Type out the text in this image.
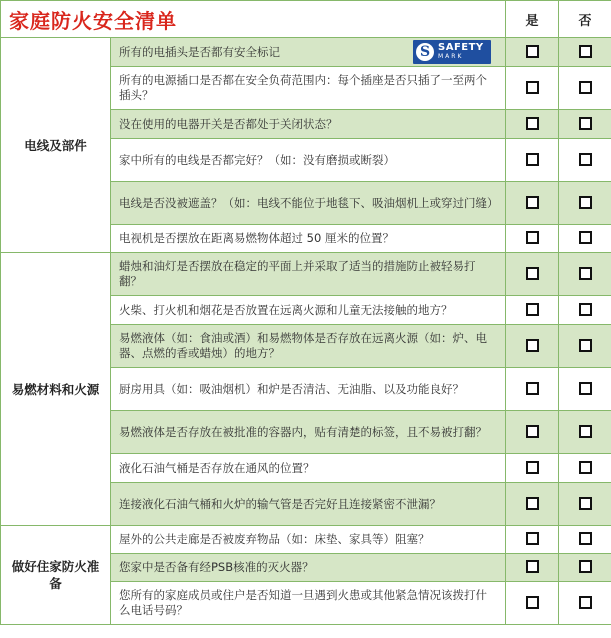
家庭防火安全清单		是	否
电线及部件	所有的电插头是否都有安全标记 S SAFETY
MARK		

	所有的电源插口是否都在安全负荷范围内：每个插座是否只插了一至两个插头？		
	没在使用的电器开关是否都处于关闭状态？		
	家中所有的电线是否都完好？（如：没有磨损或断裂）		
	电线是否没被遮盖？（如：电线不能位于地毯下、吸油烟机上或穿过门缝）		
	电视机是否摆放在距离易燃物体超过 50 厘米的位置？		
易燃材料和火源	蜡烛和油灯是否摆放在稳定的平面上并采取了适当的措施防止被轻易打翻？		
	火柴、打火机和烟花是否放置在远离火源和儿童无法接触的地方？		
	易燃液体（如：食油或酒）和易燃物体是否存放在远离火源（如：炉、电器、点燃的香或蜡烛）的地方？		
	厨房用具（如：吸油烟机）和炉是否清洁、无油脂、以及功能良好？		
	易燃液体是否存放在被批准的容器内，贴有清楚的标签，且不易被打翻？		
	液化石油气桶是否存放在通风的位置？		
	连接液化石油气桶和火炉的输气管是否完好且连接紧密不泄漏？		
做好住家防火准备	屋外的公共走廊是否被废弃物品（如：床垫、家具等）阻塞？		
	您家中是否备有经PSB核准的灭火器？		
	您所有的家庭成员或住户是否知道一旦遇到火患或其他紧急情况该拨打什么电话号码？		
